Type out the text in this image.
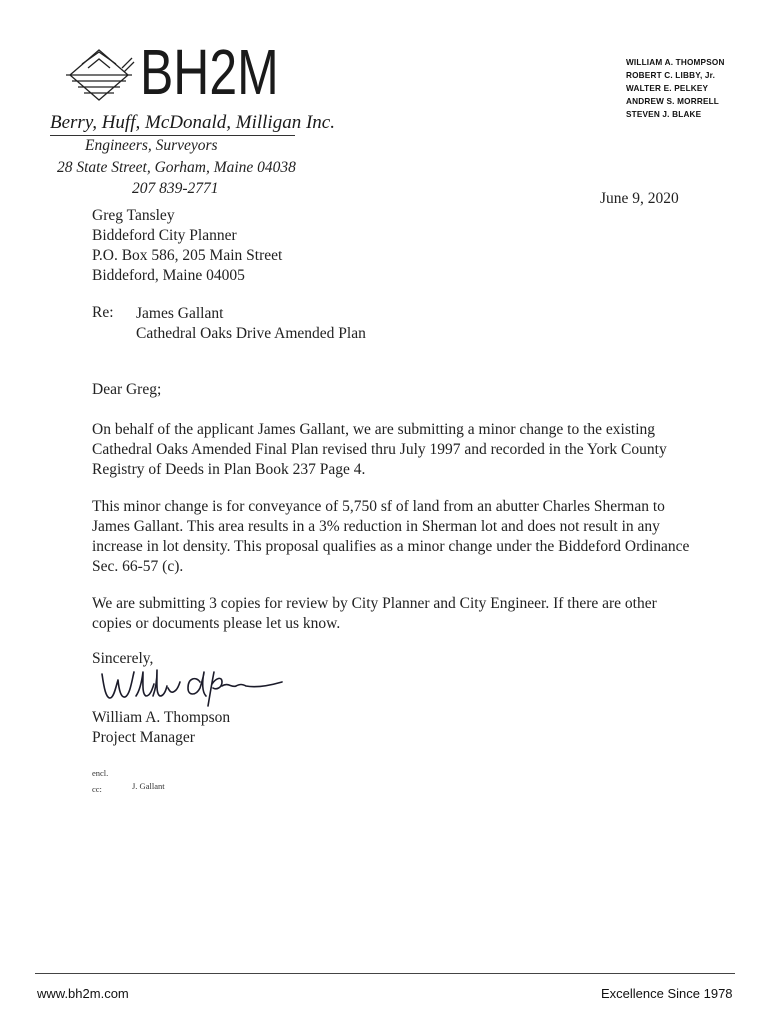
BH2M
Berry, Huff, McDonald, Milligan Inc.
Engineers, Surveyors
28 State Street, Gorham, Maine 04038
207 839-2771
WILLIAM A. THOMPSON
ROBERT C. LIBBY, Jr.
WALTER E. PELKEY
ANDREW S. MORRELL
STEVEN J. BLAKE
June 9, 2020
Greg Tansley
Biddeford City Planner
P.O. Box 586, 205 Main Street
Biddeford, Maine 04005
Re: James Gallant
Cathedral Oaks Drive Amended Plan
Dear Greg;
On behalf of the applicant James Gallant, we are submitting a minor change to the existing
Cathedral Oaks Amended Final Plan revised thru July 1997 and recorded in the York County
Registry of Deeds in Plan Book 237 Page 4.
This minor change is for conveyance of 5,750 sf of land from an abutter Charles Sherman to
James Gallant. This area results in a 3% reduction in Sherman lot and does not result in any
increase in lot density. This proposal qualifies as a minor change under the Biddeford Ordinance
Sec. 66-57 (c).
We are submitting 3 copies for review by City Planner and City Engineer. If there are other
copies or documents please let us know.
Sincerely,
William A. Thompson
Project Manager
encl.
cc:	J. Gallant
www.bh2m.com	Excellence Since 1978
